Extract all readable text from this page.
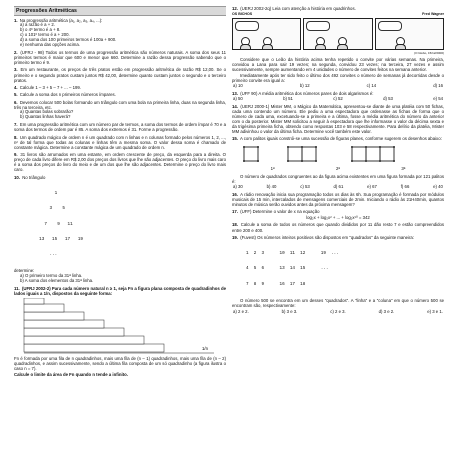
Progressões Aritméticas
1. Na progressão aritmética (a₁, a₂, a₃, a₄, ...):
a) a razão é a + 2.
b) o 4º termo é a + 8.
c) o 101º termo é a + 200.
d) a soma dos 100 primeiros termos é 100a + 900.
e) nenhuma das opções acima.
2. (UFRJ - 98) Todos os termos de uma progressão aritmética são números naturais. A soma dos seus 11 primeiros termos é maior que 600 e menor que 660. Determine a razão dessa progressão sabendo que o primeiro termo é 9.
3. Em um restaurante, os preços de três pratos estão em progressão aritmética de razão R$ 12,00. Se o primeiro e o segundo pratos custam juntos R$ 42,00, determine quanto custam juntos o segundo e o terceiro pratos.
4. Calcule 1 – 3 + 5 – 7 + ... – 199.
5. Calcule a soma dos n primeiros números ímpares.
6. Devemos colocar 500 bolas formando um triângulo com uma bola na primeira linha, duas na segunda linha, três na terceira, etc.
a) Quantas bolas sobrarão?
b) Quantas linhas haverá?
7. Em uma progressão aritmética com um número par de termos, a soma dos termos de ordem ímpar é 70 e a soma dos termos de ordem par é 85. A soma dos extremos é 31. Forme a progressão.
8. Um quadrado mágico de ordem n é um quadrado com n linhas e n colunas formado pelos números 1, 2, ..., n² de tal forma que todas as colunas e linhas têm a mesma soma. O valor dessa soma é chamado de constante mágica. Determine a constante mágica de um quadrado de ordem n.
9. 31 livros são arrumados em uma estante, em ordem crescente de preço, da esquerda para a direita. O preço de cada livro difere em R$ 2,00 dos preços dos livros que lhe são adjacentes. O preço do livro mais caro é a soma dos preços do livro do meio e de um dos que lhe são adjacentes. Determine o preço do livro mais caro.
10. No triângulo

1

3    5

7    9   11

13   15   17   19

...

determine:
a) O primeiro termo da 31ª linha.
b) A soma dos elementos da 31ª linha.
11. (UFRJ 2002-2) Para cada número natural n ≥ 1, seja Fn a figura plana composta de quadradinhos de lados iguais a 1/n, dispostos da seguinte forma:
1/n
Fn é formada por uma fila de n quadradinhos, mais uma fila de (n – 1) quadradinhos, mais uma fila de (n – 2) quadradinhos, e assim sucessivamente, sendo a última fila composta de um só quadradinho (a figura ilustra o caso n = 7).
Calcule o limite da área de Fn quando n tende a infinito.
12. (UERJ 2002-2q) Leia com atenção a história em quadrinhos.
OS BICHOS	Fred Wagner
(O Globo, 15/12/2000)
Considere que o Leão da história acima tenha repetido o convite por várias semanas. Na primeira, convidou a Lana para sair 19 vezes; na segunda, convidou 23 vezes; na terceira, 27 vezes e assim sucessivamente, sempre aumentando em 4 unidades o número de convites feitos na semana anterior.
Imediatamente após ter sido feito o último dos 492 convites o número de semanas já decorridas desde o primeiro convite era igual a:
a) 10	b) 12	c) 14	d) 16
13. (UFF 90) A média aritmética dos números pares de dois algarismos é:
a) 50	b) 51	c) 52	d) 53	e) 54
14. (UERJ 2000-1) Mister MM, o Mágico da Matemática, apresentou-se diante de uma platéia com 50 fichas, cada uma contendo um número. Ele pediu a uma espectadora que ordenasse as fichas de forma que o número de cada uma, excetuando-se a primeira e a última, fosse a média aritmética do número da anterior com o da posterior. Mister MM solicitou a seguir à espectadora que lhe informasse o valor da décima sexta e da trigésima primeira ficha, obtendo como respostas 103 e 58 respectivamente. Para delírio da platéia, Mister MM adivinhou o valor da última ficha. Determine você também este valor.
15. A com palitos iguais constrói-se uma sucessão de figuras planes, conforme sugerem os desenhos abaixo:
1ª	2ª	3ª
O número de quadrados congruentes ao da figura acima existentes em uma figura formada por 121 palitos é:
a) 30	b) 40	c) 53	d) 61	e) 67	f) 66	e) 40
16. A rádio renovação inicia sua programação todos os dias às 6h. Sua programação é formada por módulos musicais de 15 min, intercalados de mensagens comerciais de 2min. Iniciando o rádio às 21H40min, quantos minutos de música serão ouvidos antes da próxima mensagem?
17. (UFF) Determine o valor de x na equação
log₂x + log₂x² + ... + log₂x¹⁰ = 342
18. Calcule a soma de todos os números que quando divididos por 11 dão resto 7 e estão compreendidos entre 200 e 400.
19. (Fuvest) Os números inteiros positivos são dispostos em "quadrados" da seguinte maneira:

1  2  3      10  11  12      19  ...

4  5  6      13  14  15      ...

7  8  9      16  17  18

O número 500 se encontra em um desses "quadrados". A "linha" e a "coluna" em que o número 500 se encontram são, respectivamente:
a) 2 e 2.	b) 3 e 3.	c) 2 e 3.	d) 3 e 2.	e) 3 e 1.
